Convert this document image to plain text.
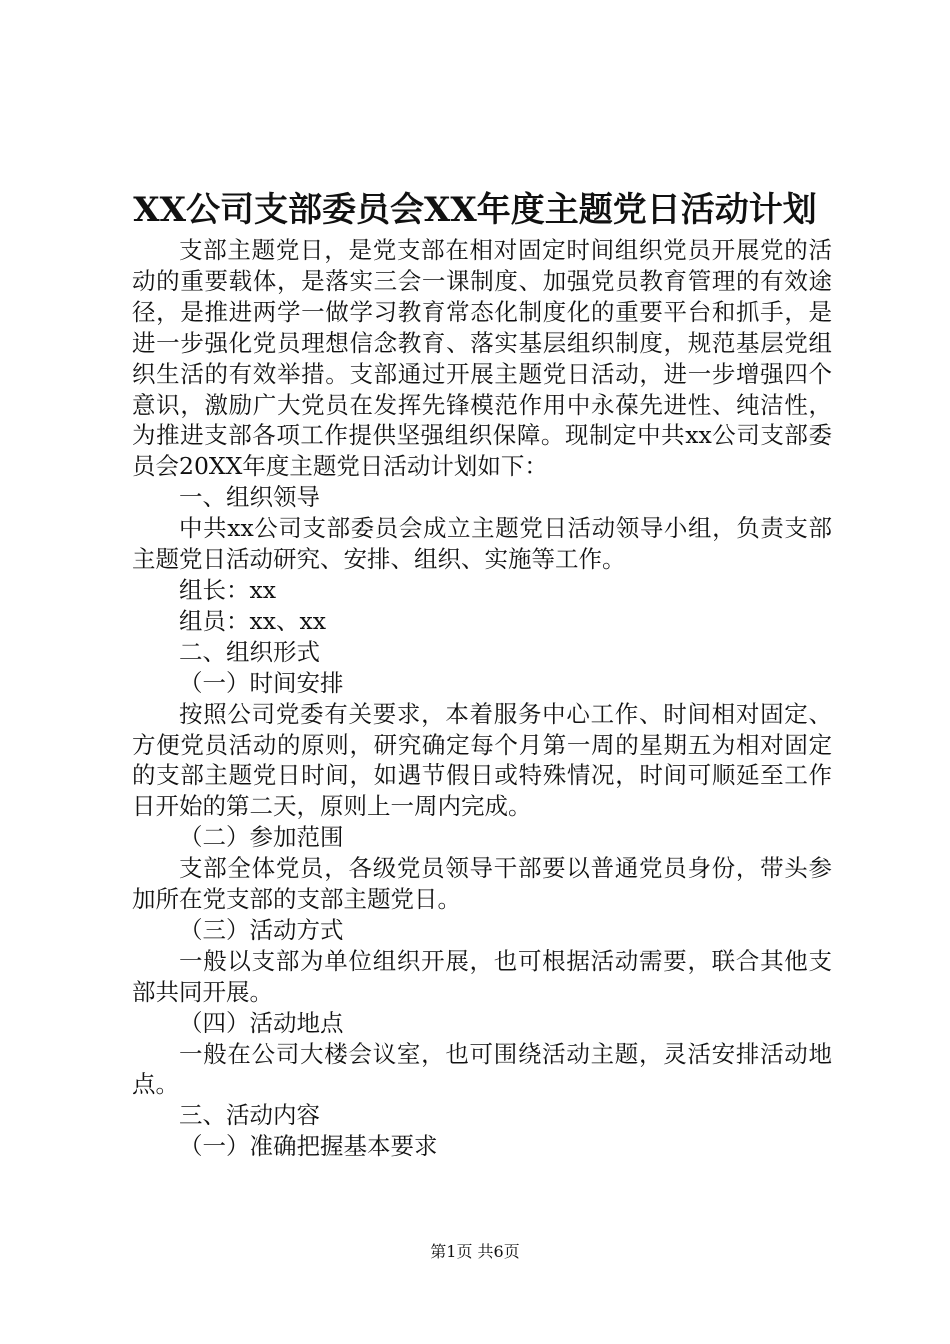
XX公司支部委员会XX年度主题党日活动计划

支部主题党日，是党支部在相对固定时间组织党员开展党的活动的重要载体，是落实三会一课制度、加强党员教育管理的有效途径，是推进两学一做学习教育常态化制度化的重要平台和抓手，是进一步强化党员理想信念教育、落实基层组织制度，规范基层党组织生活的有效举措。支部通过开展主题党日活动，进一步增强四个意识，激励广大党员在发挥先锋模范作用中永葆先进性、纯洁性，为推进支部各项工作提供坚强组织保障。现制定中共xx公司支部委员会20XX年度主题党日活动计划如下：

一、组织领导

中共xx公司支部委员会成立主题党日活动领导小组，负责支部主题党日活动研究、安排、组织、实施等工作。

组长：xx

组员：xx、xx

二、组织形式

（一）时间安排

按照公司党委有关要求，本着服务中心工作、时间相对固定、方便党员活动的原则，研究确定每个月第一周的星期五为相对固定的支部主题党日时间，如遇节假日或特殊情况，时间可顺延至工作日开始的第二天，原则上一周内完成。

（二）参加范围

支部全体党员，各级党员领导干部要以普通党员身份，带头参加所在党支部的支部主题党日。

（三）活动方式

一般以支部为单位组织开展，也可根据活动需要，联合其他支部共同开展。

（四）活动地点

一般在公司大楼会议室，也可围绕活动主题，灵活安排活动地点。

三、活动内容

（一）准确把握基本要求

第1页 共6页
